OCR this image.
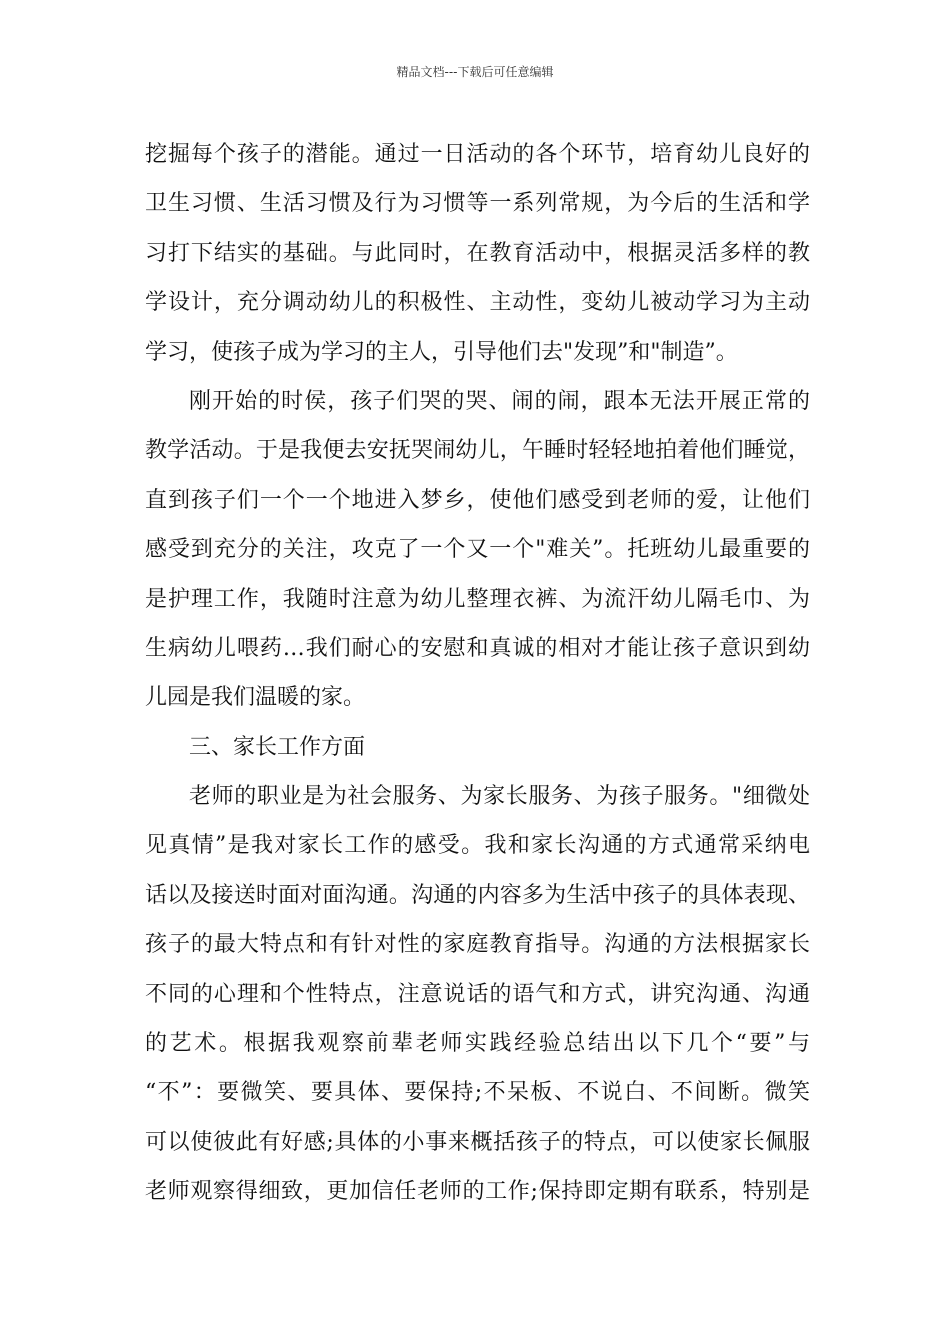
精品文档---下载后可任意编辑
挖掘每个孩子的潜能。通过一日活动的各个环节，培育幼儿良好的
卫生习惯、生活习惯及行为习惯等一系列常规，为今后的生活和学
习打下结实的基础。与此同时，在教育活动中，根据灵活多样的教
学设计，充分调动幼儿的积极性、主动性，变幼儿被动学习为主动
学习，使孩子成为学习的主人，引导他们去"发现”和"制造”。
刚开始的时侯，孩子们哭的哭、闹的闹，跟本无法开展正常的
教学活动。于是我便去安抚哭闹幼儿，午睡时轻轻地拍着他们睡觉，
直到孩子们一个一个地进入梦乡，使他们感受到老师的爱，让他们
感受到充分的关注，攻克了一个又一个"难关”。托班幼儿最重要的
是护理工作，我随时注意为幼儿整理衣裤、为流汗幼儿隔毛巾、为
生病幼儿喂药…我们耐心的安慰和真诚的相对才能让孩子意识到幼
儿园是我们温暖的家。
三、家长工作方面
老师的职业是为社会服务、为家长服务、为孩子服务。"细微处
见真情”是我对家长工作的感受。我和家长沟通的方式通常采纳电
话以及接送时面对面沟通。沟通的内容多为生活中孩子的具体表现、
孩子的最大特点和有针对性的家庭教育指导。沟通的方法根据家长
不同的心理和个性特点，注意说话的语气和方式，讲究沟通、沟通
的艺术。根据我观察前辈老师实践经验总结出以下几个“要”与
“不”：要微笑、要具体、要保持;不呆板、不说白、不间断。微笑
可以使彼此有好感;具体的小事来概括孩子的特点，可以使家长佩服
老师观察得细致，更加信任老师的工作;保持即定期有联系，特别是
